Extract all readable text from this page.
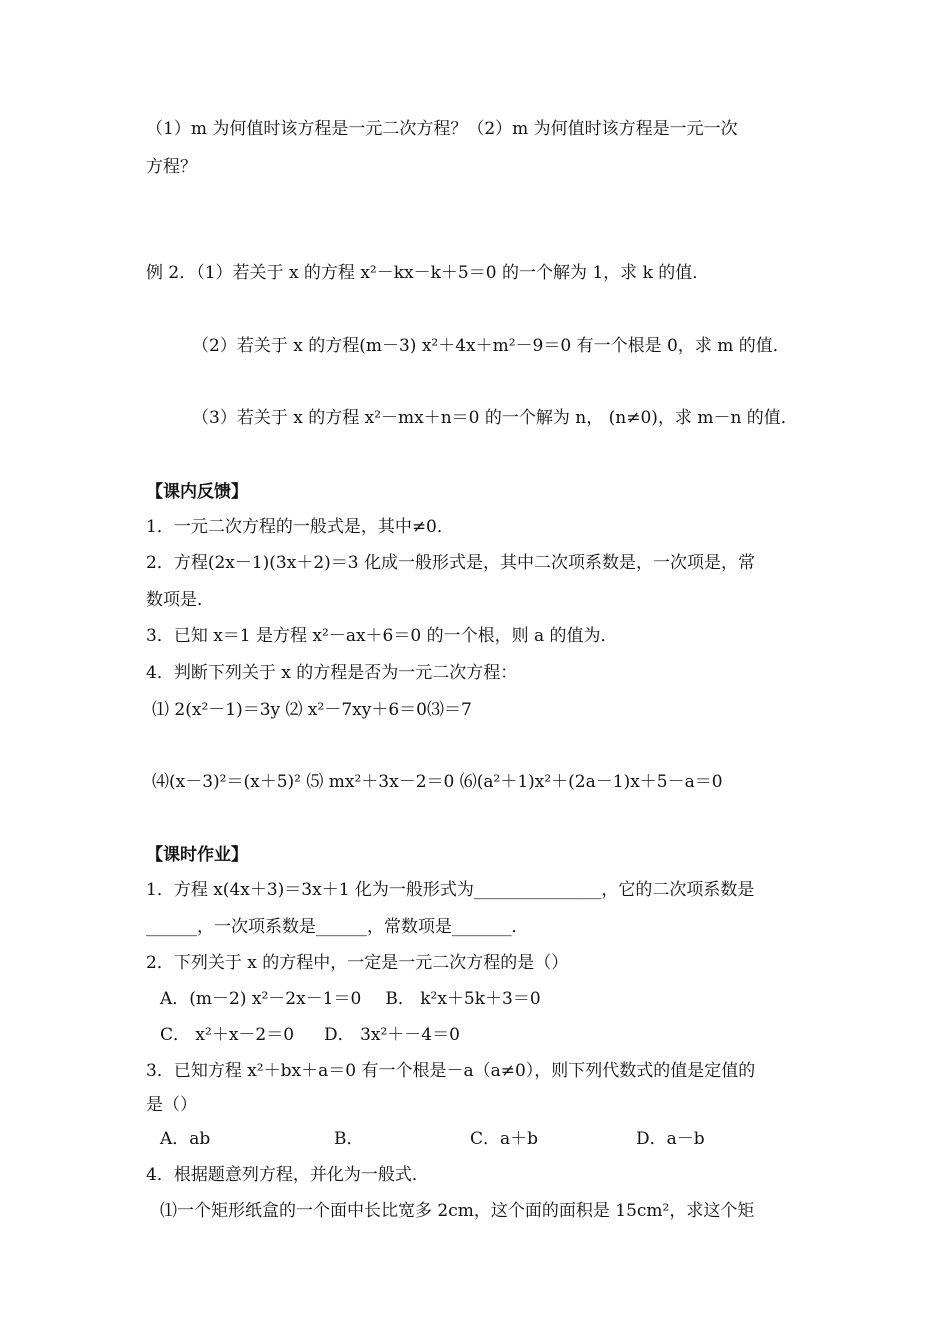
（1）m 为何值时该方程是一元二次方程？（2）m 为何值时该方程是一元一次
方程？
例 2．（1）若关于 x 的方程 x²－kx－k＋5＝0 的一个解为 1，求 k 的值．
（2）若关于 x 的方程(m－3) x²＋4x＋m²－9＝0 有一个根是 0，求 m 的值．
（3）若关于 x 的方程 x²－mx＋n＝0 的一个解为 n， (n≠0)，求 m－n 的值．
【课内反馈】
1．一元二次方程的一般式是，其中≠0．
2．方程(2x－1)(3x＋2)＝3 化成一般形式是，其中二次项系数是，一次项是，常
数项是．
3．已知 x＝1 是方程 x²－ax＋6＝0 的一个根，则 a 的值为．
4．判断下列关于 x 的方程是否为一元二次方程：
⑴ 2(x²－1)＝3y ⑵ x²－7xy＋6＝0⑶＝7
⑷(x－3)²＝(x＋5)² ⑸ mx²＋3x－2＝0 ⑹(a²＋1)x²＋(2a－1)x＋5－a＝0
【课时作业】
1．方程 x(4x＋3)＝3x＋1 化为一般形式为_______________，它的二次项系数是
______，一次项系数是______，常数项是_______．
2．下列关于 x 的方程中，一定是一元二次方程的是（）
A．(m－2) x²－2x－1＝0 B． k²x＋5k＋3＝0
C． x²＋x－2＝0 D． 3x²＋－4＝0
3．已知方程 x²＋bx＋a＝0 有一个根是－a（a≠0），则下列代数式的值是定值的
是（）
A．ab	B．	C．a＋b	D．a－b
4．根据题意列方程，并化为一般式．
⑴一个矩形纸盒的一个面中长比宽多 2cm，这个面的面积是 15cm²，求这个矩
